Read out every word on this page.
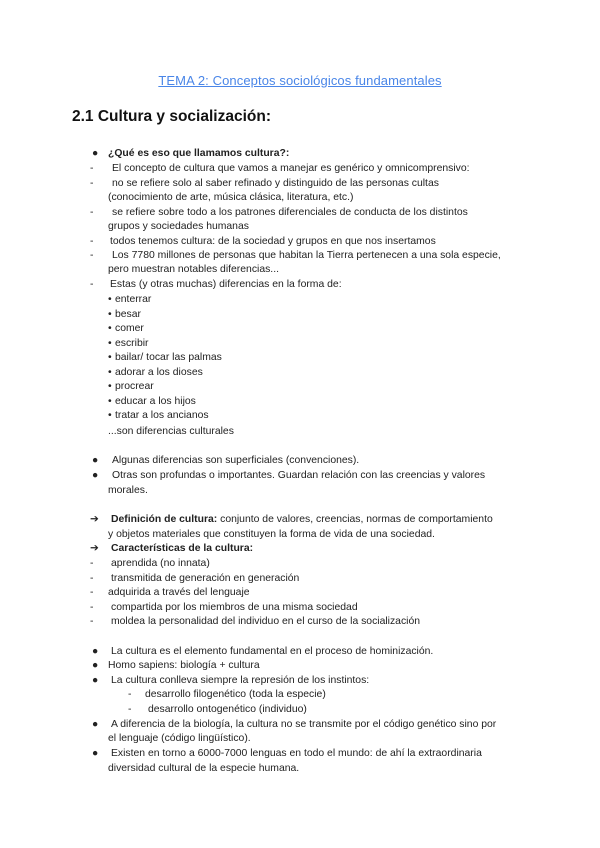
TEMA 2: Conceptos sociológicos fundamentales
2.1 Cultura y socialización:
● ¿Qué es eso que llamamos cultura?:
- El concepto de cultura que vamos a manejar es genérico y omnicomprensivo:
- no se refiere solo al saber refinado y distinguido de las personas cultas
(conocimiento de arte, música clásica, literatura, etc.)
- se refiere sobre todo a los patrones diferenciales de conducta de los distintos
grupos y sociedades humanas
- todos tenemos cultura: de la sociedad y grupos en que nos insertamos
- Los 7780 millones de personas que habitan la Tierra pertenecen a una sola especie,
pero muestran notables diferencias...
- Estas (y otras muchas) diferencias en la forma de:
• enterrar
• besar
• comer
• escribir
• bailar/ tocar las palmas
• adorar a los dioses
• procrear
• educar a los hijos
• tratar a los ancianos
...son diferencias culturales
● Algunas diferencias son superficiales (convenciones).
● Otras son profundas o importantes. Guardan relación con las creencias y valores
morales.
➔ Definición de cultura: conjunto de valores, creencias, normas de comportamiento
y objetos materiales que constituyen la forma de vida de una sociedad.
➔ Características de la cultura:
- aprendida (no innata)
- transmitida de generación en generación
- adquirida a través del lenguaje
- compartida por los miembros de una misma sociedad
- moldea la personalidad del individuo en el curso de la socialización
● La cultura es el elemento fundamental en el proceso de hominización.
● Homo sapiens: biología + cultura
● La cultura conlleva siempre la represión de los instintos:
- desarrollo filogenético (toda la especie)
- desarrollo ontogenético (individuo)
● A diferencia de la biología, la cultura no se transmite por el código genético sino por
el lenguaje (código lingüístico).
● Existen en torno a 6000-7000 lenguas en todo el mundo: de ahí la extraordinaria
diversidad cultural de la especie humana.
